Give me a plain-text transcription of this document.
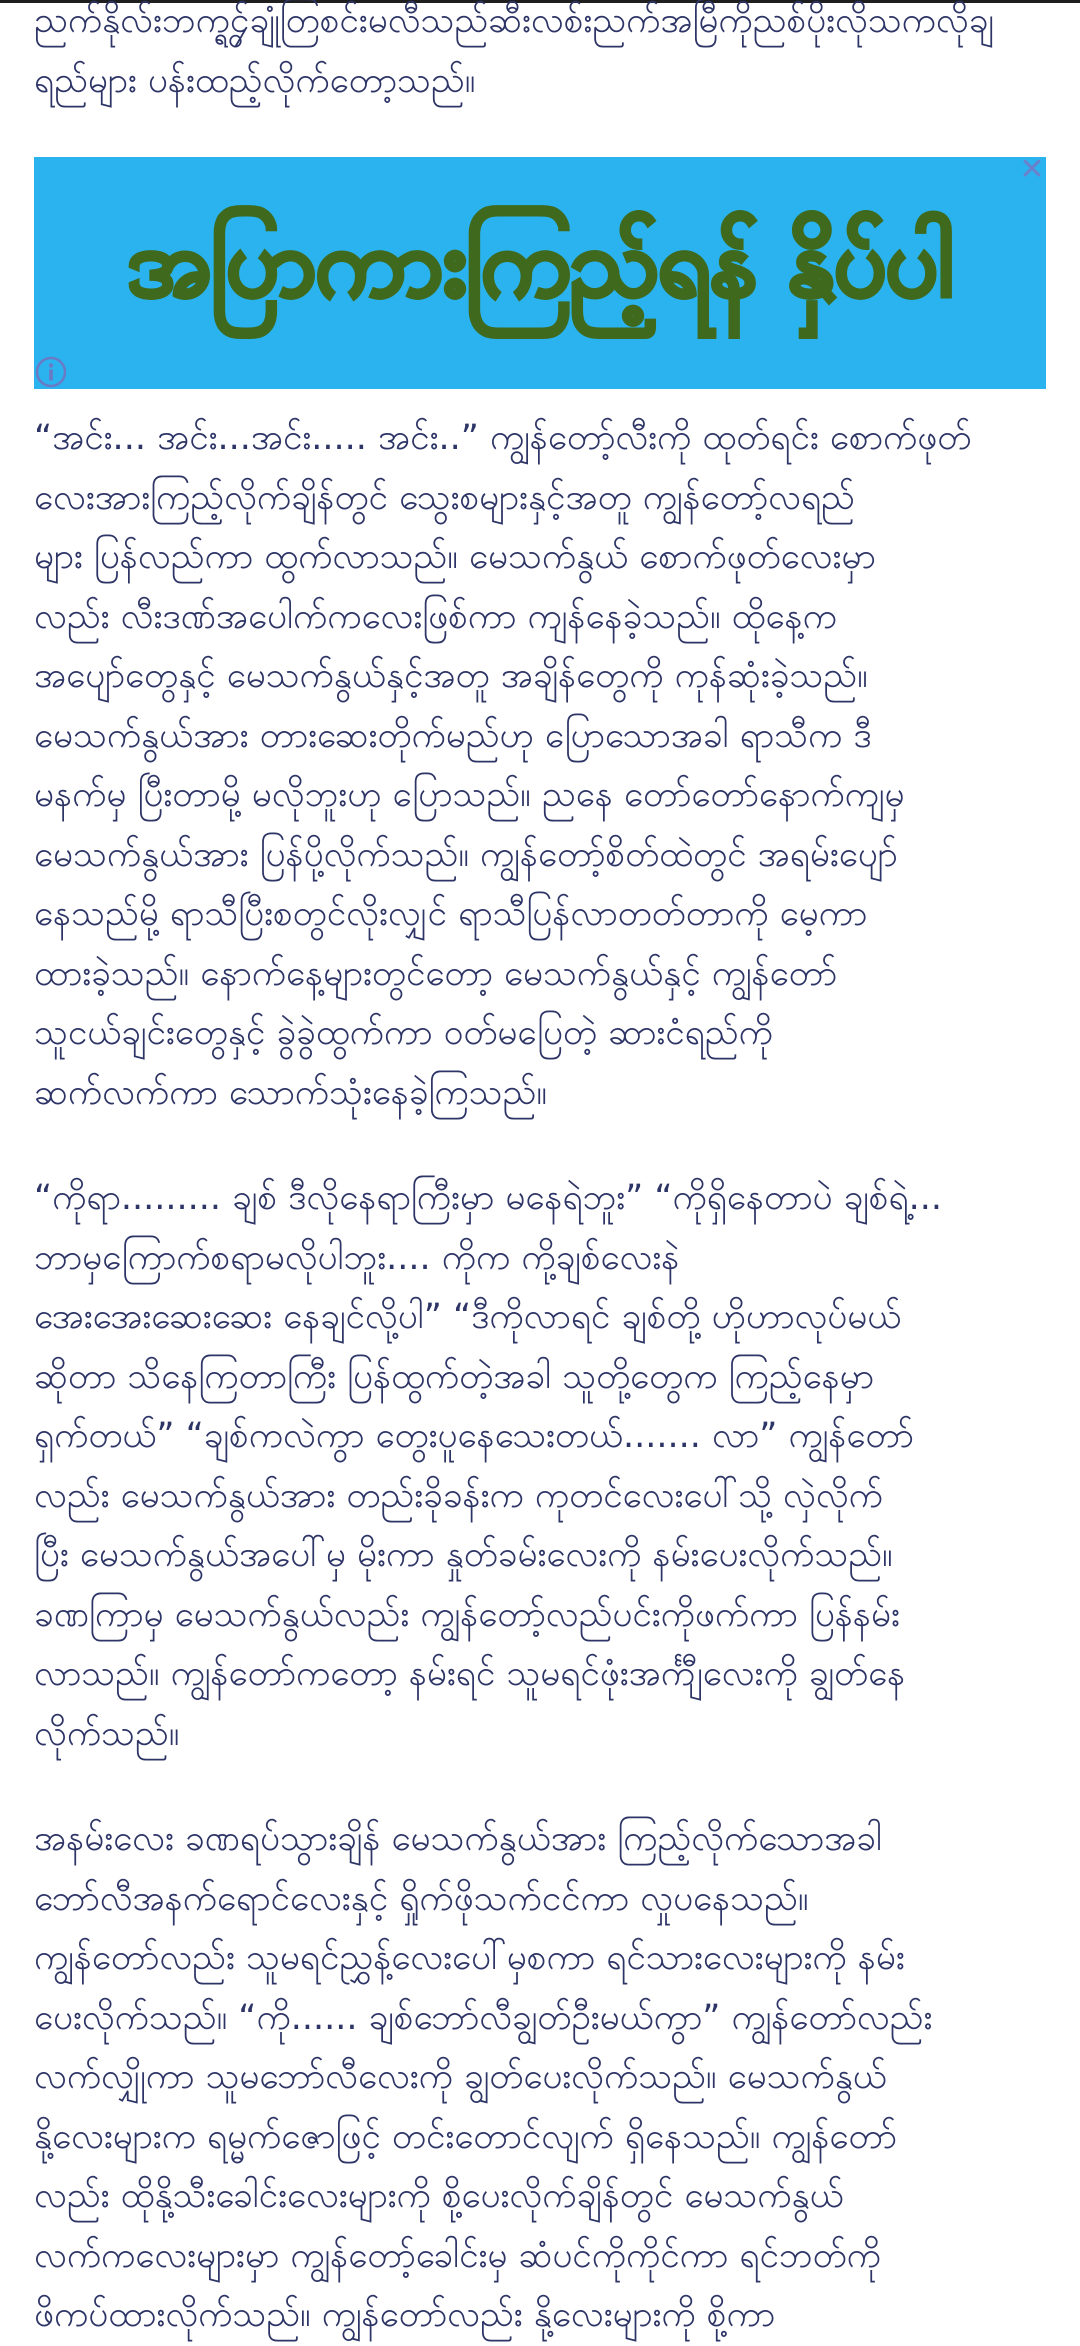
ညက်နိုလ်းဘက္ရွ၄်ချုံတြစင်းမလီသည်ဆီးလစ်းညက်အမြီကိုညစ်ပိုးလိုသကလိုချ
ရည်များ ပန်းထည့်လိုက်တော့သည်။

အပြာကားကြည့်ရန် နှိပ်ပါ
✕

“အင်း... အင်း...အင်း..... အင်း..” ကျွန်တော့်လီးကို ထုတ်ရင်း စောက်ဖုတ်
လေးအားကြည့်လိုက်ချိန်တွင် သွေးစများနှင့်အတူ ကျွန်တော့်လရည်
များ ပြန်လည်ကာ ထွက်လာသည်။ မေသက်နွယ် စောက်ဖုတ်လေးမှာ
လည်း လီးဒဏ်အပေါက်ကလေးဖြစ်ကာ ကျန်နေခဲ့သည်။ ထိုနေ့က
အပျော်တွေနှင့် မေသက်နွယ်နှင့်အတူ အချိန်တွေကို ကုန်ဆုံးခဲ့သည်။
မေသက်နွယ်အား တားဆေးတိုက်မည်ဟု ပြောသောအခါ ရာသီက ဒီ
မနက်မှ ပြီးတာမို့ မလိုဘူးဟု ပြောသည်။ ညနေ တော်တော်နောက်ကျမှ
မေသက်နွယ်အား ပြန်ပို့လိုက်သည်။ ကျွန်တော့်စိတ်ထဲတွင် အရမ်းပျော်
နေသည်မို့ ရာသီပြီးစတွင်လိုးလျှင် ရာသီပြန်လာတတ်တာကို မေ့ကာ
ထားခဲ့သည်။ နောက်နေ့များတွင်တော့ မေသက်နွယ်နှင့် ကျွန်တော်
သူငယ်ချင်းတွေနှင့် ခွဲခွဲထွက်ကာ ဝတ်မပြေတဲ့ ဆားငံရည်ကို
ဆက်လက်ကာ သောက်သုံးနေခဲ့ကြသည်။

“ကိုရာ......... ချစ် ဒီလိုနေရာကြီးမှာ မနေရဲဘူး” “ကိုရှိနေတာပဲ ချစ်ရဲ့...
ဘာမှကြောက်စရာမလိုပါဘူး.... ကိုက ကို့ချစ်လေးနဲ
အေးအေးဆေးဆေး နေချင်လို့ပါ” “ဒီကိုလာရင် ချစ်တို့ ဟိုဟာလုပ်မယ်
ဆိုတာ သိနေကြတာကြီး ပြန်ထွက်တဲ့အခါ သူတို့တွေက ကြည့်နေမှာ
ရှက်တယ်” “ချစ်ကလဲကွာ တွေးပူနေသေးတယ်....... လာ” ကျွန်တော်
လည်း မေသက်နွယ်အား တည်းခိုခန်းက ကုတင်လေးပေါ်သို့ လှဲလိုက်
ပြီး မေသက်နွယ်အပေါ်မှ မိုးကာ နှုတ်ခမ်းလေးကို နမ်းပေးလိုက်သည်။
ခဏကြာမှ မေသက်နွယ်လည်း ကျွန်တော့်လည်ပင်းကိုဖက်ကာ ပြန်နမ်း
လာသည်။ ကျွန်တော်ကတော့ နမ်းရင် သူမရင်ဖုံးအင်္ကျီလေးကို ချွတ်နေ
လိုက်သည်။

အနမ်းလေး ခဏရပ်သွားချိန် မေသက်နွယ်အား ကြည့်လိုက်သောအခါ
ဘော်လီအနက်ရောင်လေးနှင့် ရှိုက်ဖိုသက်ငင်ကာ လှုပနေသည်။
ကျွန်တော်လည်း သူမရင်ညွှန့်လေးပေါ်မှစကာ ရင်သားလေးများကို နမ်း
ပေးလိုက်သည်။ “ကို...... ချစ်ဘော်လီချွတ်ဦးမယ်ကွာ” ကျွန်တော်လည်း
လက်လျှိုကာ သူမဘော်လီလေးကို ချွတ်ပေးလိုက်သည်။ မေသက်နွယ်
နို့လေးများက ရမ္မက်ဇောဖြင့် တင်းတောင်လျက် ရှိနေသည်။ ကျွန်တော်
လည်း ထိုနို့သီးခေါင်းလေးများကို စို့ပေးလိုက်ချိန်တွင် မေသက်နွယ်
လက်ကလေးများမှာ ကျွန်တော့်ခေါင်းမှ ဆံပင်ကိုကိုင်ကာ ရင်ဘတ်ကို
ဖိကပ်ထားလိုက်သည်။ ကျွန်တော်လည်း နို့လေးများကို စို့ကာ
